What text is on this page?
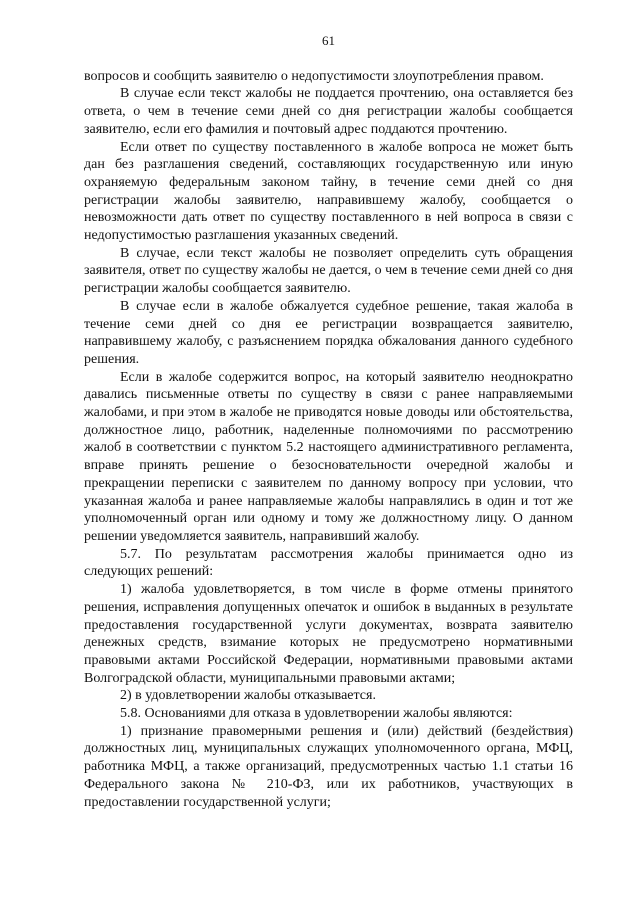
61

вопросов и сообщить заявителю о недопустимости злоупотребления правом.

В случае если текст жалобы не поддается прочтению, она оставляется без ответа, о чем в течение семи дней со дня регистрации жалобы сообщается заявителю, если его фамилия и почтовый адрес поддаются прочтению.

Если ответ по существу поставленного в жалобе вопроса не может быть дан без разглашения сведений, составляющих государственную или иную охраняемую федеральным законом тайну, в течение семи дней со дня регистрации жалобы заявителю, направившему жалобу, сообщается о невозможности дать ответ по существу поставленного в ней вопроса в связи с недопустимостью разглашения указанных сведений.

В случае, если текст жалобы не позволяет определить суть обращения заявителя, ответ по существу жалобы не дается, о чем в течение семи дней со дня регистрации жалобы сообщается заявителю.

В случае если в жалобе обжалуется судебное решение, такая жалоба в течение семи дней со дня ее регистрации возвращается заявителю, направившему жалобу, с разъяснением порядка обжалования данного судебного решения.

Если в жалобе содержится вопрос, на который заявителю неоднократно давались письменные ответы по существу в связи с ранее направляемыми жалобами, и при этом в жалобе не приводятся новые доводы или обстоятельства, должностное лицо, работник, наделенные полномочиями по рассмотрению жалоб в соответствии с пунктом 5.2 настоящего административного регламента, вправе принять решение о безосновательности очередной жалобы и прекращении переписки с заявителем по данному вопросу при условии, что указанная жалоба и ранее направляемые жалобы направлялись в один и тот же уполномоченный орган или одному и тому же должностному лицу. О данном решении уведомляется заявитель, направивший жалобу.

5.7. По результатам рассмотрения жалобы принимается одно из следующих решений:

1) жалоба удовлетворяется, в том числе в форме отмены принятого решения, исправления допущенных опечаток и ошибок в выданных в результате предоставления государственной услуги документах, возврата заявителю денежных средств, взимание которых не предусмотрено нормативными правовыми актами Российской Федерации, нормативными правовыми актами Волгоградской области, муниципальными правовыми актами;

2) в удовлетворении жалобы отказывается.

5.8. Основаниями для отказа в удовлетворении жалобы являются:

1) признание правомерными решения и (или) действий (бездействия) должностных лиц, муниципальных служащих уполномоченного органа, МФЦ, работника МФЦ, а также организаций, предусмотренных частью 1.1 статьи 16 Федерального закона № 210-ФЗ, или их работников, участвующих в предоставлении государственной услуги;
